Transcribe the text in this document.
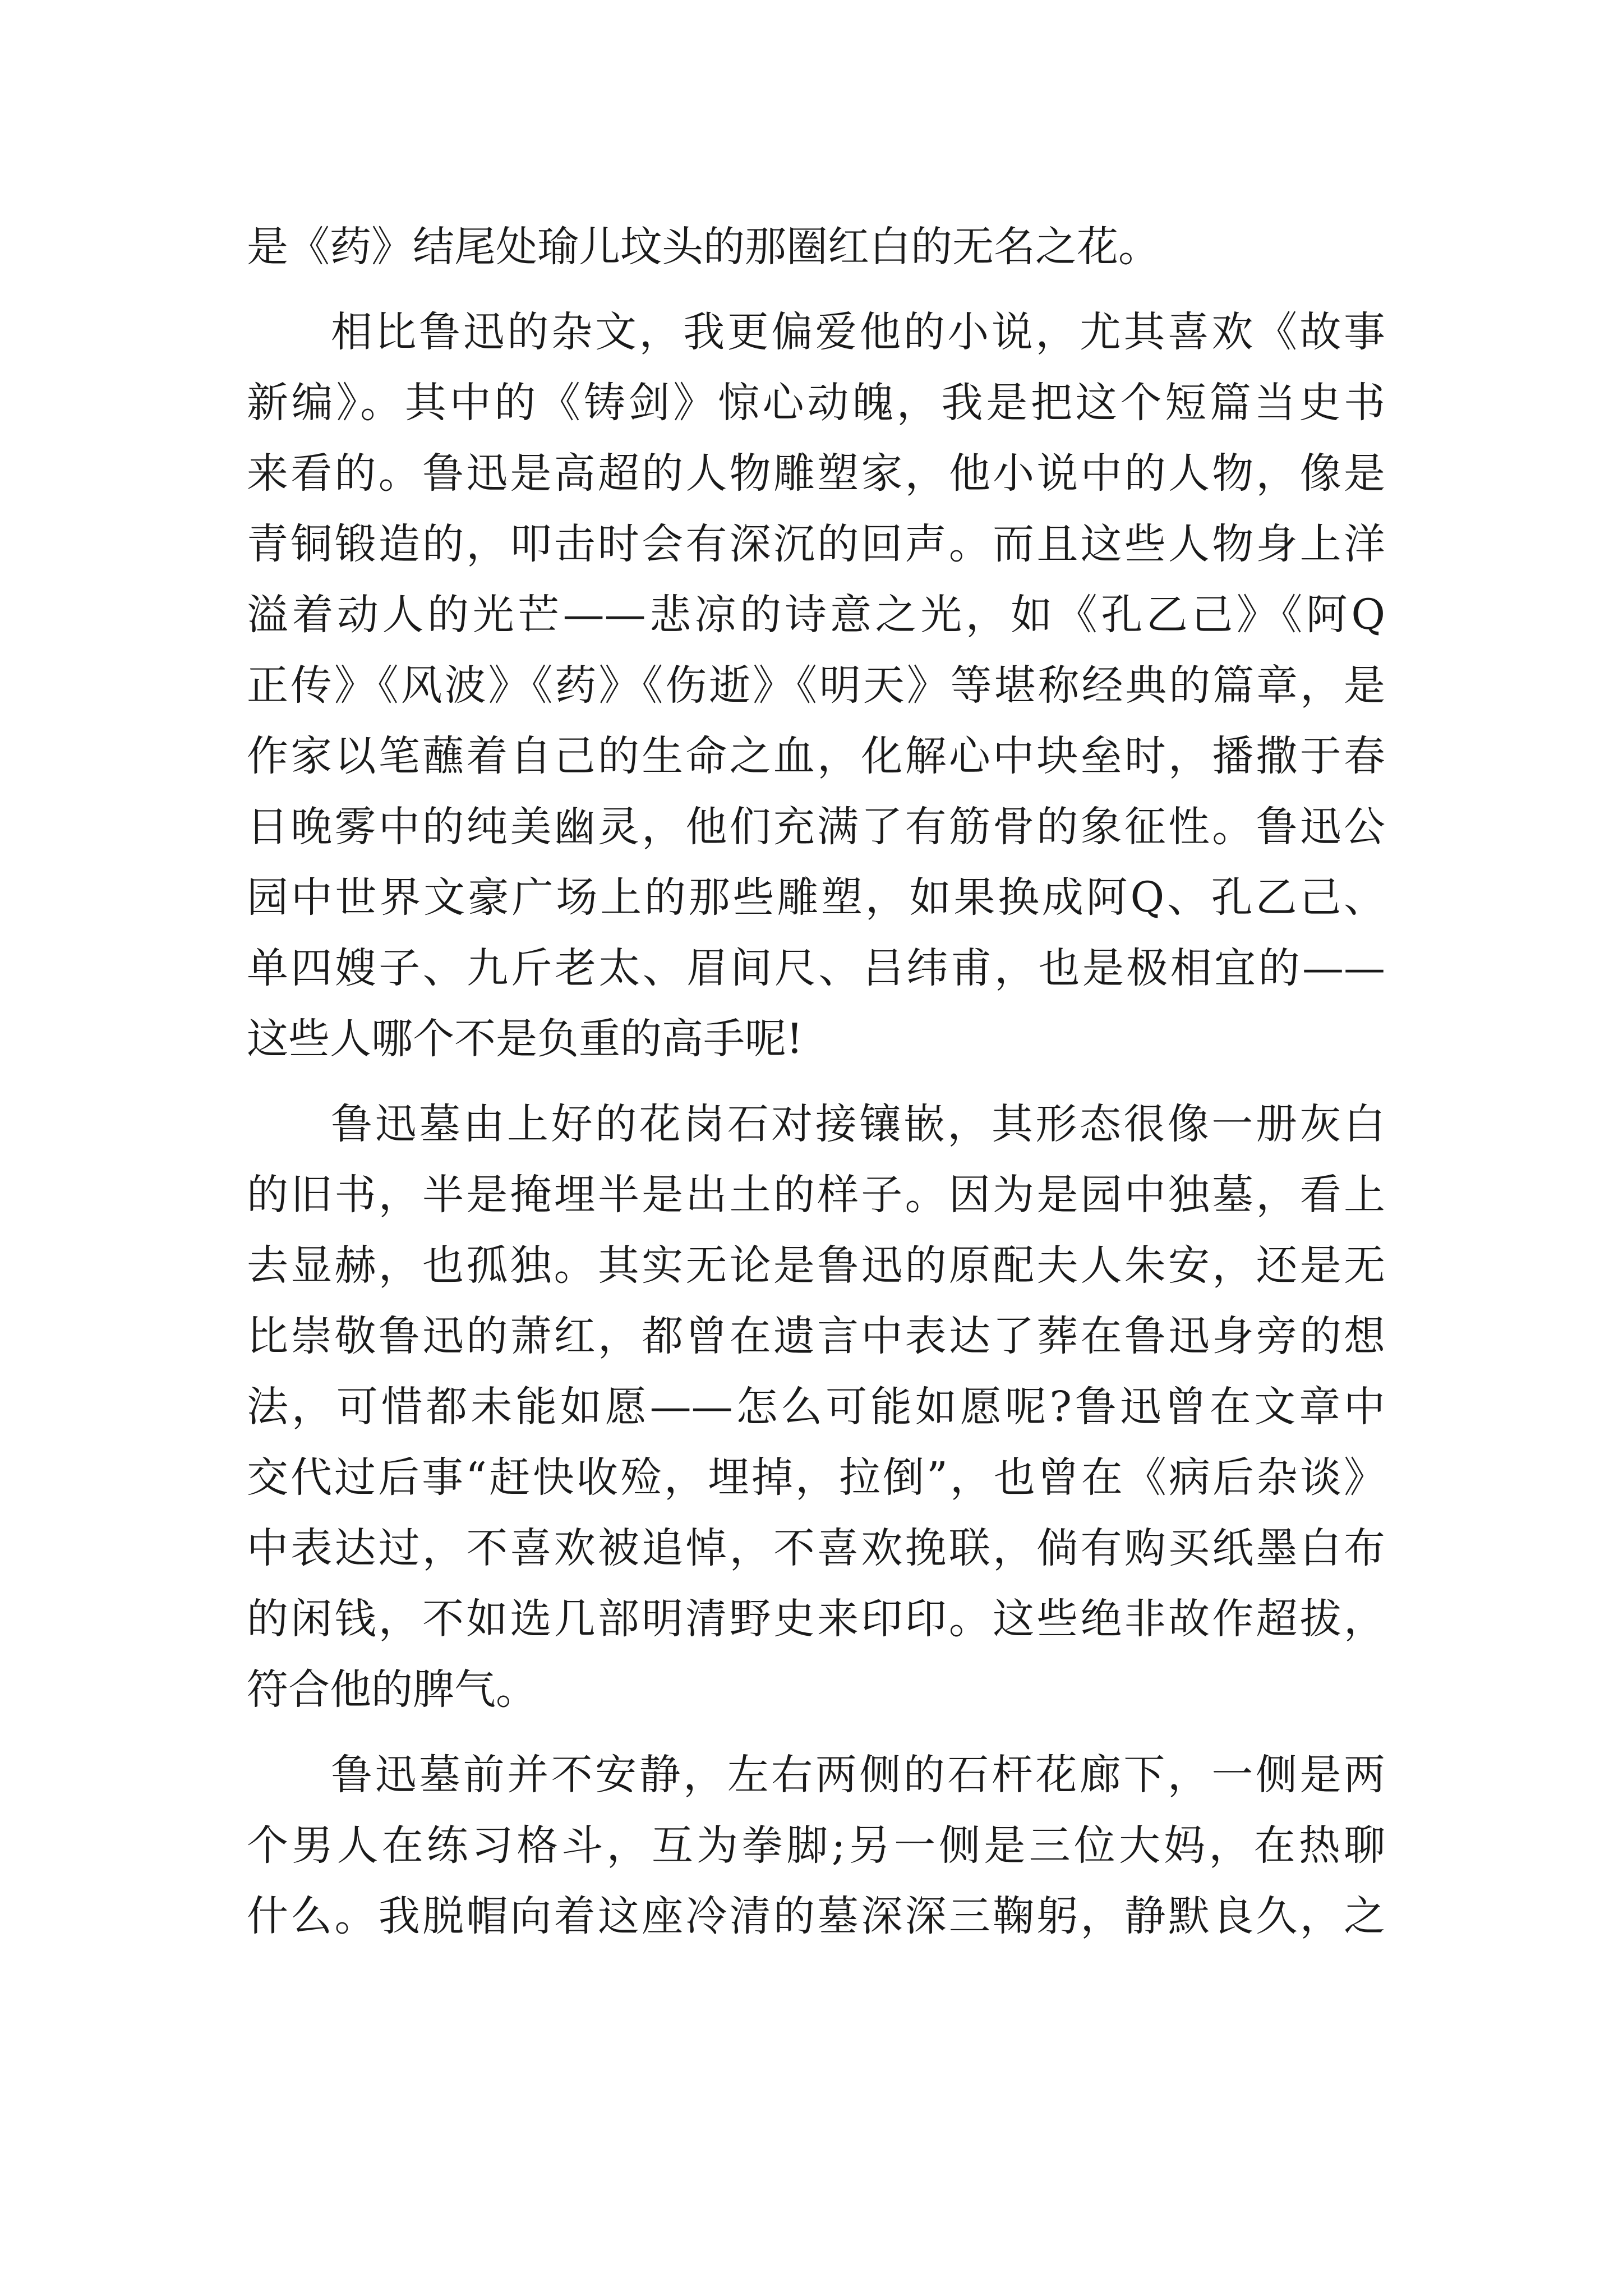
是《药》结尾处瑜儿坟头的那圈红白的无名之花。
相比鲁迅的杂文，我更偏爱他的小说，尤其喜欢《故事
新编》。其中的《铸剑》惊心动魄，我是把这个短篇当史书
来看的。鲁迅是高超的人物雕塑家，他小说中的人物，像是
青铜锻造的，叩击时会有深沉的回声。而且这些人物身上洋
溢着动人的光芒——悲凉的诗意之光，如《孔乙己》《阿Q
正传》《风波》《药》《伤逝》《明天》等堪称经典的篇章，是
作家以笔蘸着自己的生命之血，化解心中块垒时，播撒于春
日晚雾中的纯美幽灵，他们充满了有筋骨的象征性。鲁迅公
园中世界文豪广场上的那些雕塑，如果换成阿Q、孔乙己、
单四嫂子、九斤老太、眉间尺、吕纬甫，也是极相宜的——
这些人哪个不是负重的高手呢!
鲁迅墓由上好的花岗石对接镶嵌，其形态很像一册灰白
的旧书，半是掩埋半是出土的样子。因为是园中独墓，看上
去显赫，也孤独。其实无论是鲁迅的原配夫人朱安，还是无
比崇敬鲁迅的萧红，都曾在遗言中表达了葬在鲁迅身旁的想
法，可惜都未能如愿——怎么可能如愿呢?鲁迅曾在文章中
交代过后事“赶快收殓，埋掉，拉倒”，也曾在《病后杂谈》
中表达过，不喜欢被追悼，不喜欢挽联，倘有购买纸墨白布
的闲钱，不如选几部明清野史来印印。这些绝非故作超拔，
符合他的脾气。
鲁迅墓前并不安静，左右两侧的石杆花廊下，一侧是两
个男人在练习格斗，互为拳脚;另一侧是三位大妈，在热聊
什么。我脱帽向着这座冷清的墓深深三鞠躬，静默良久，之
